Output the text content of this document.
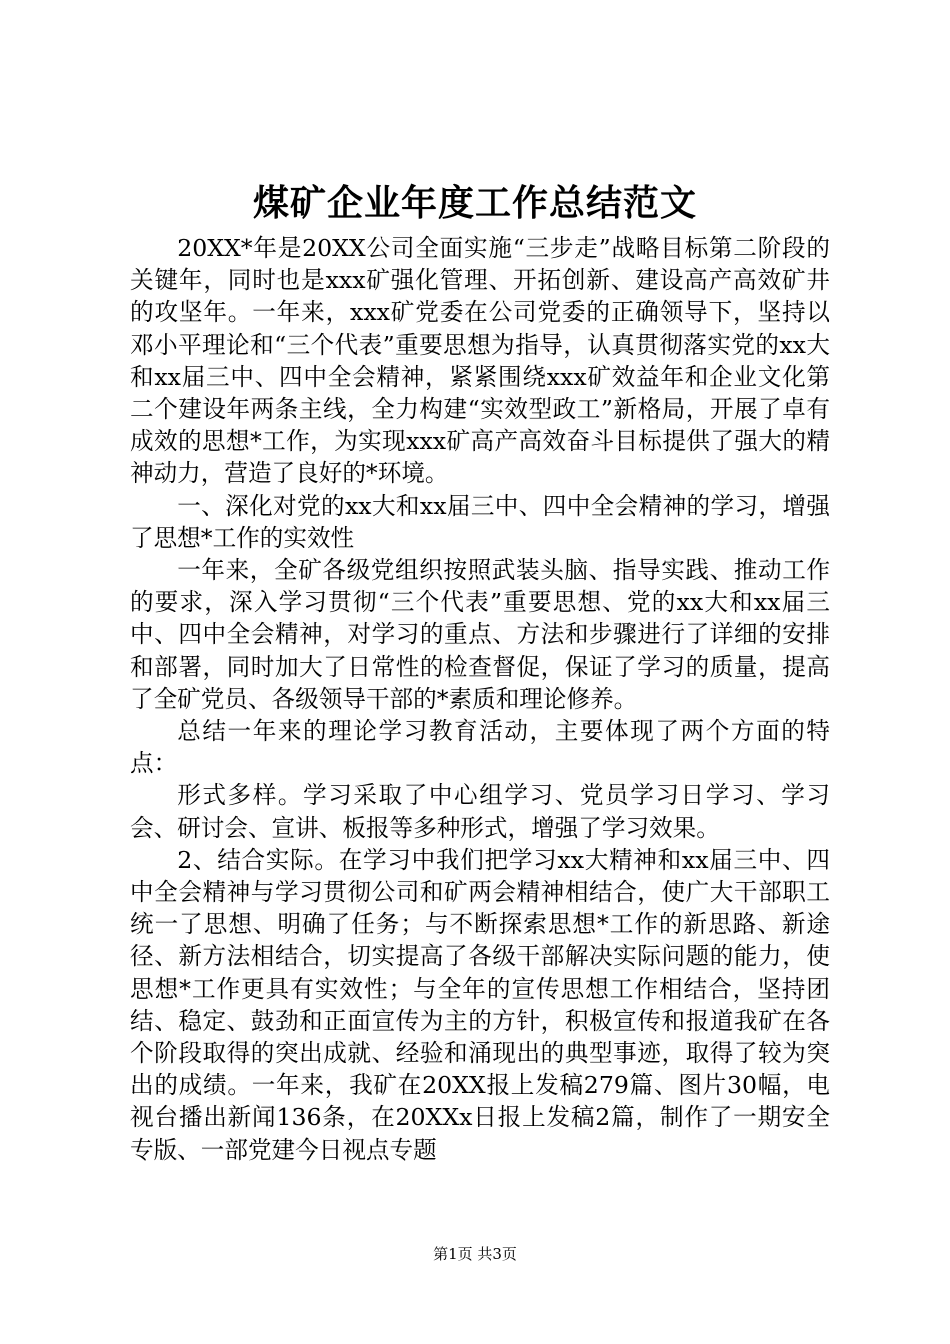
煤矿企业年度工作总结范文

20XX*年是20XX公司全面实施“三步走”战略目标第二阶段的关键年，同时也是xxx矿强化管理、开拓创新、建设高产高效矿井的攻坚年。一年来，xxx矿党委在公司党委的正确领导下，坚持以邓小平理论和“三个代表”重要思想为指导，认真贯彻落实党的xx大和xx届三中、四中全会精神，紧紧围绕xxx矿效益年和企业文化第二个建设年两条主线，全力构建“实效型政工”新格局，开展了卓有成效的思想*工作，为实现xxx矿高产高效奋斗目标提供了强大的精神动力，营造了良好的*环境。

一、深化对党的xx大和xx届三中、四中全会精神的学习，增强了思想*工作的实效性

一年来，全矿各级党组织按照武装头脑、指导实践、推动工作的要求，深入学习贯彻“三个代表”重要思想、党的xx大和xx届三中、四中全会精神，对学习的重点、方法和步骤进行了详细的安排和部署，同时加大了日常性的检查督促，保证了学习的质量，提高了全矿党员、各级领导干部的*素质和理论修养。

总结一年来的理论学习教育活动，主要体现了两个方面的特点：

形式多样。学习采取了中心组学习、党员学习日学习、学习会、研讨会、宣讲、板报等多种形式，增强了学习效果。

2、结合实际。在学习中我们把学习xx大精神和xx届三中、四中全会精神与学习贯彻公司和矿两会精神相结合，使广大干部职工统一了思想、明确了任务；与不断探索思想*工作的新思路、新途径、新方法相结合，切实提高了各级干部解决实际问题的能力，使思想*工作更具有实效性；与全年的宣传思想工作相结合，坚持团结、稳定、鼓劲和正面宣传为主的方针，积极宣传和报道我矿在各个阶段取得的突出成就、经验和涌现出的典型事迹，取得了较为突出的成绩。一年来，我矿在20XX报上发稿279篇、图片30幅，电视台播出新闻136条，在20XXx日报上发稿2篇，制作了一期安全专版、一部党建今日视点专题

第1页 共3页
